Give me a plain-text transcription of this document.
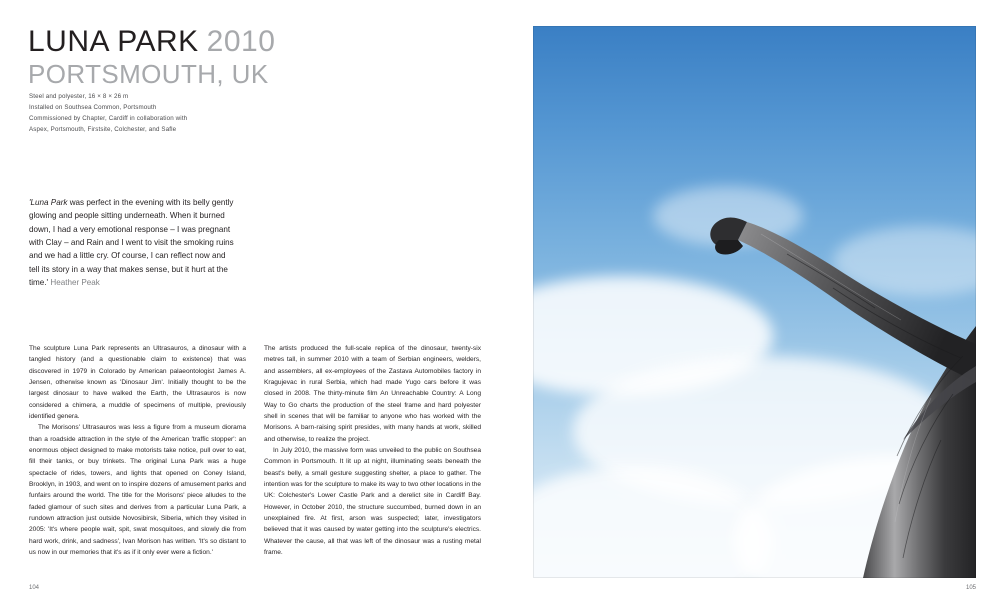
LUNA PARK 2010
PORTSMOUTH, UK
Steel and polyester, 16 × 8 × 26 m
Installed on Southsea Common, Portsmouth
Commissioned by Chapter, Cardiff in collaboration with
Aspex, Portsmouth, Firstsite, Colchester, and Safle
'Luna Park was perfect in the evening with its belly gently glowing and people sitting underneath. When it burned down, I had a very emotional response – I was pregnant with Clay – and Rain and I went to visit the smoking ruins and we had a little cry. Of course, I can reflect now and tell its story in a way that makes sense, but it hurt at the time.' Heather Peak

The sculpture Luna Park represents an Ultrasauros, a dinosaur with a tangled history (and a questionable claim to existence) that was discovered in 1979 in Colorado by American palaeontologist James A. Jensen, otherwise known as 'Dinosaur Jim'. Initially thought to be the largest dinosaur to have walked the Earth, the Ultrasauros is now considered a chimera, a muddle of specimens of multiple, previously identified genera.

The Morisons' Ultrasauros was less a figure from a museum diorama than a roadside attraction in the style of the American 'traffic stopper': an enormous object designed to make motorists take notice, pull over to eat, fill their tanks, or buy trinkets. The original Luna Park was a huge spectacle of rides, towers, and lights that opened on Coney Island, Brooklyn, in 1903, and went on to inspire dozens of amusement parks and funfairs around the world. The title for the Morisons' piece alludes to the faded glamour of such sites and derives from a particular Luna Park, a rundown attraction just outside Novosibirsk, Siberia, which they visited in 2005: 'It's where people wait, spit, swat mosquitoes, and slowly die from hard work, drink, and sadness', Ivan Morison has written. 'It's so distant to us now in our memories that it's as if it only ever were a fiction.'

The artists produced the full-scale replica of the dinosaur, twenty-six metres tall, in summer 2010 with a team of Serbian engineers, welders, and assemblers, all ex-employees of the Zastava Automobiles factory in Kragujevac in rural Serbia, which had made Yugo cars before it was closed in 2008. The thirty-minute film An Unreachable Country: A Long Way to Go charts the production of the steel frame and hard polyester shell in scenes that will be familiar to anyone who has worked with the Morisons. A barn-raising spirit presides, with many hands at work, skilled and otherwise, to realize the project.

In July 2010, the massive form was unveiled to the public on Southsea Common in Portsmouth. It lit up at night, illuminating seats beneath the beast's belly, a small gesture suggesting shelter, a place to gather. The intention was for the sculpture to make its way to two other locations in the UK: Colchester's Lower Castle Park and a derelict site in Cardiff Bay. However, in October 2010, the structure succumbed, burned down in an unexplained fire. At first, arson was suspected; later, investigators believed that it was caused by water getting into the sculpture's electrics. Whatever the cause, all that was left of the dinosaur was a rusting metal frame.

104	105
